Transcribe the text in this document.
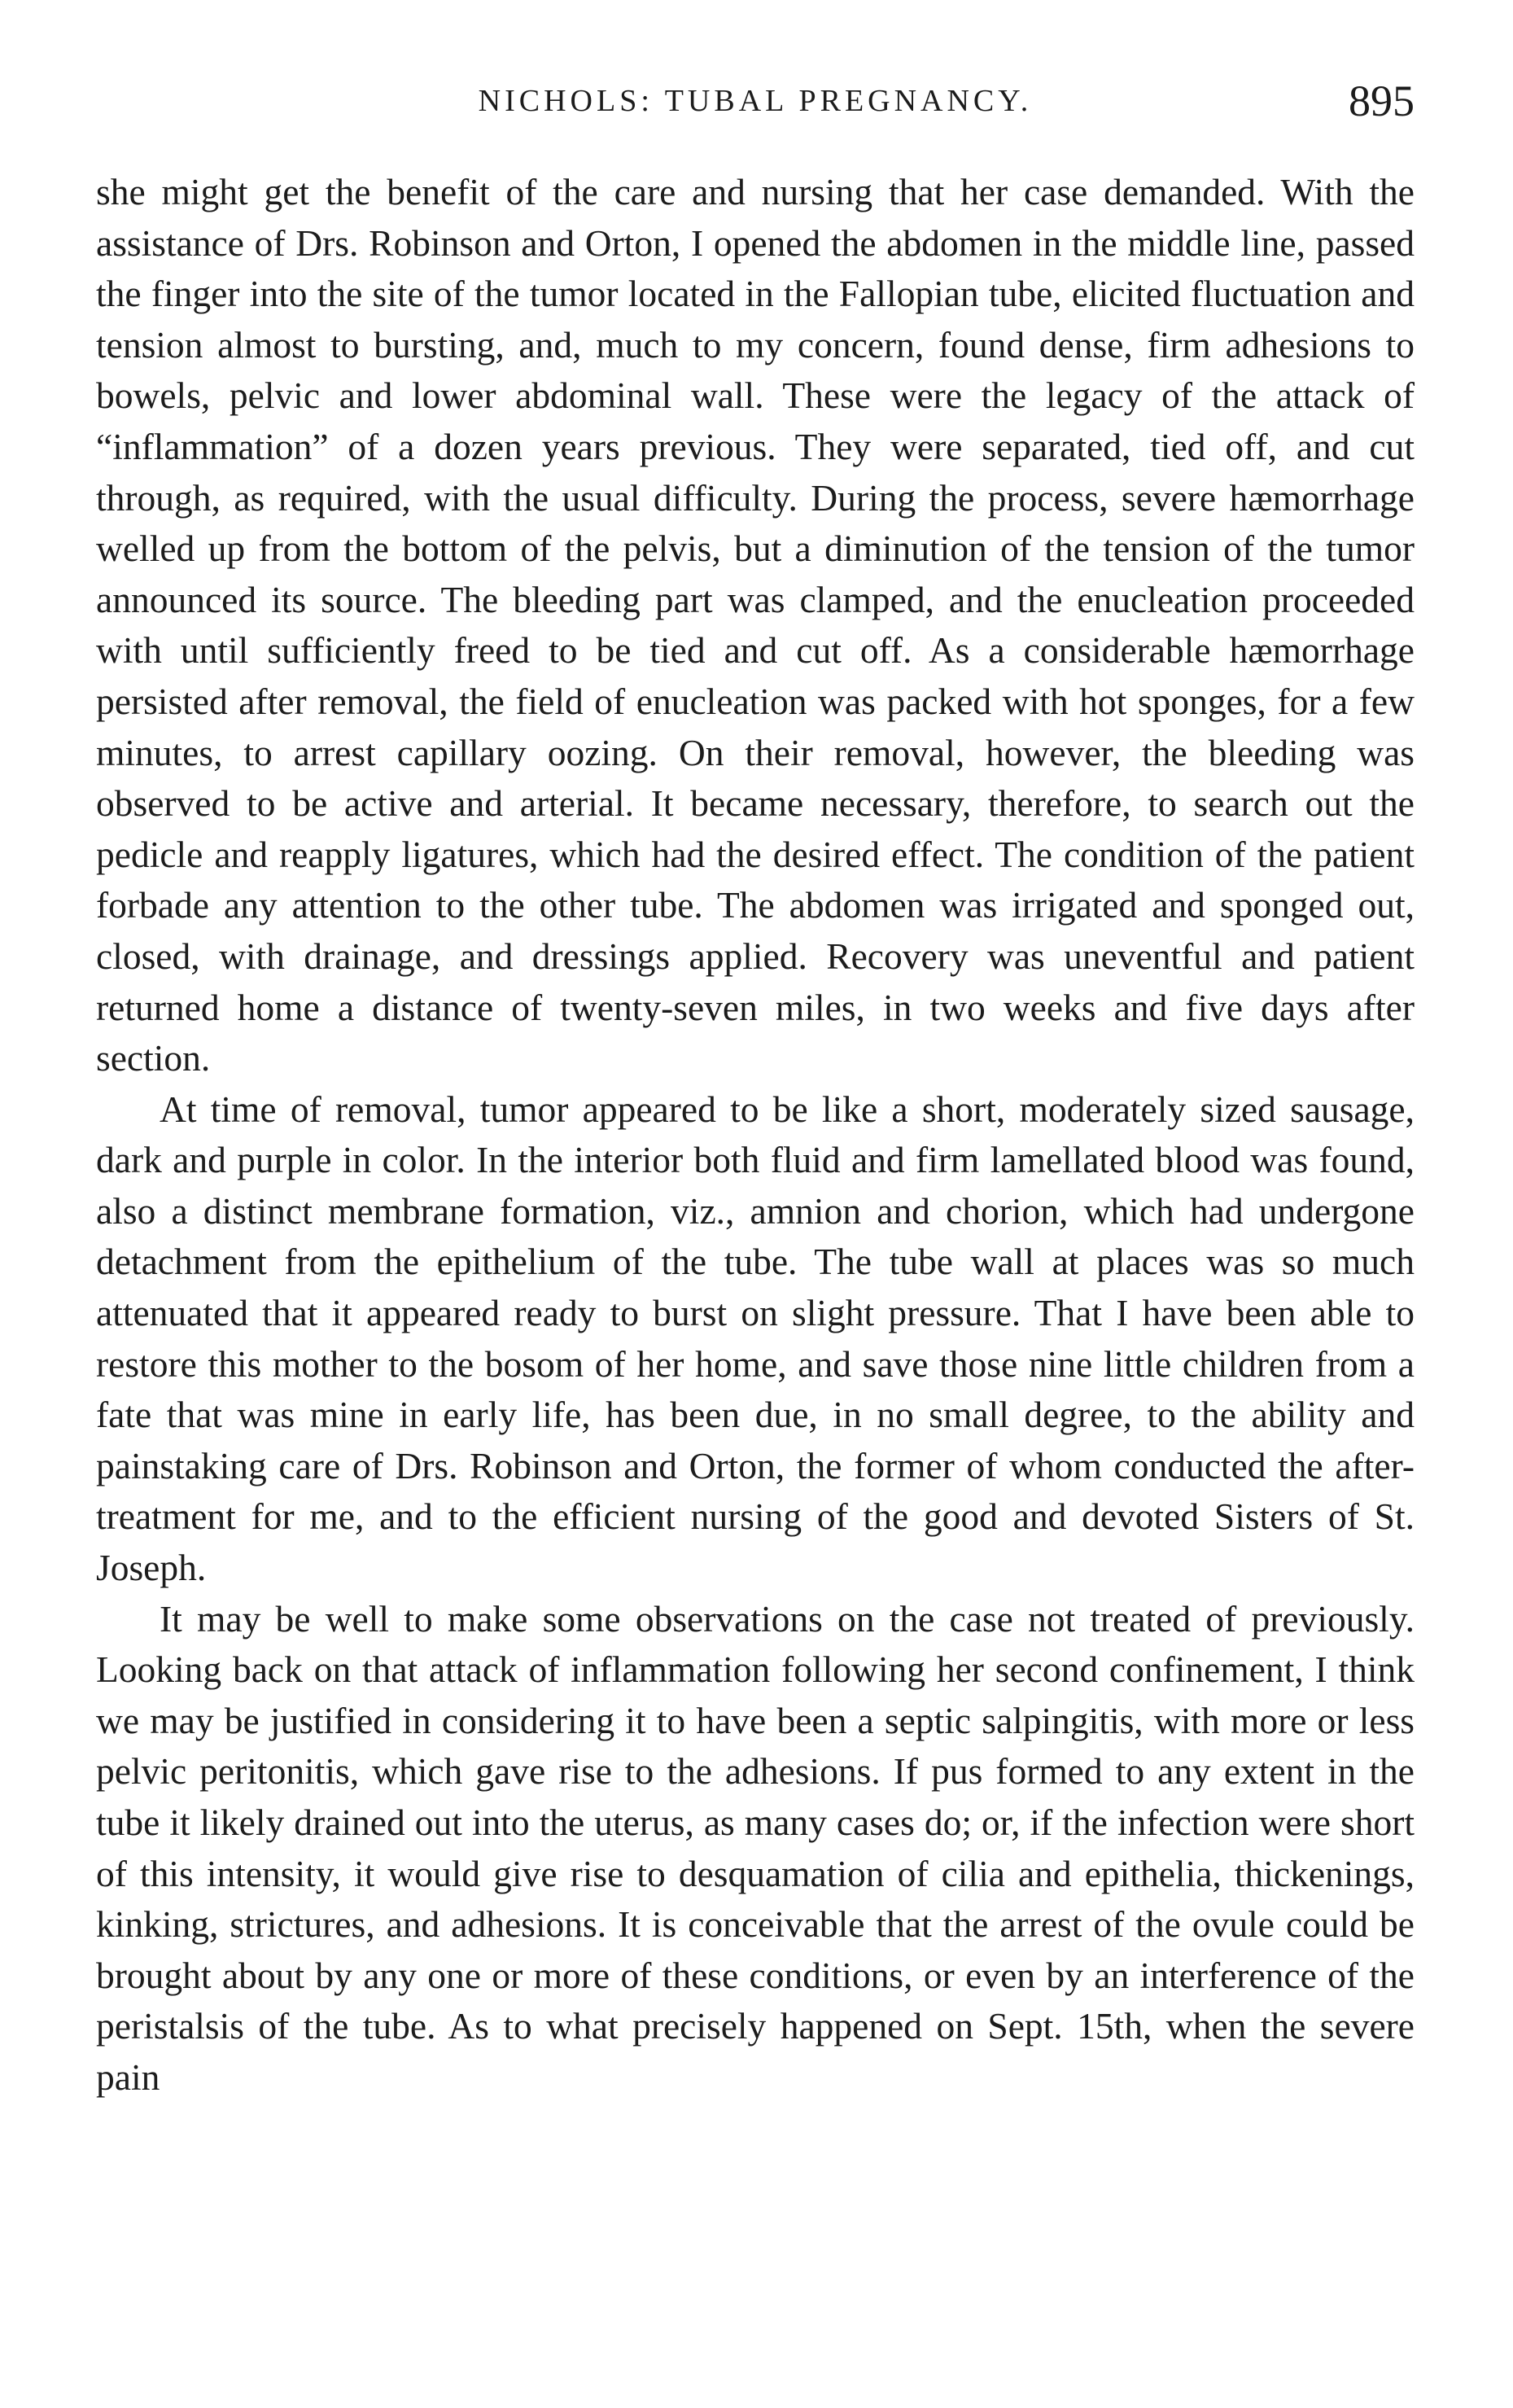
NICHOLS: TUBAL PREGNANCY.	895

she might get the benefit of the care and nursing that her case demanded. With the assistance of Drs. Robinson and Orton, I opened the abdomen in the middle line, passed the finger into the site of the tumor located in the Fallopian tube, elicited fluctuation and tension almost to bursting, and, much to my concern, found dense, firm adhesions to bowels, pelvic and lower abdominal wall. These were the legacy of the attack of “inflammation” of a dozen years previous. They were separated, tied off, and cut through, as required, with the usual difficulty. During the process, severe hæmorrhage welled up from the bottom of the pelvis, but a diminution of the tension of the tumor announced its source. The bleeding part was clamped, and the enucleation proceeded with until sufficiently freed to be tied and cut off. As a considerable hæmorrhage persisted after removal, the field of enucleation was packed with hot sponges, for a few minutes, to arrest capillary oozing. On their removal, however, the bleeding was observed to be active and arterial. It became necessary, therefore, to search out the pedicle and reapply ligatures, which had the desired effect. The condition of the patient forbade any attention to the other tube. The abdomen was irrigated and sponged out, closed, with drainage, and dressings applied. Recovery was uneventful and patient returned home a distance of twenty-seven miles, in two weeks and five days after section.

At time of removal, tumor appeared to be like a short, moderately sized sausage, dark and purple in color. In the interior both fluid and firm lamellated blood was found, also a distinct membrane formation, viz., amnion and chorion, which had undergone detachment from the epithelium of the tube. The tube wall at places was so much attenuated that it appeared ready to burst on slight pressure. That I have been able to restore this mother to the bosom of her home, and save those nine little children from a fate that was mine in early life, has been due, in no small degree, to the ability and painstaking care of Drs. Robinson and Orton, the former of whom conducted the after-treatment for me, and to the efficient nursing of the good and devoted Sisters of St. Joseph.

It may be well to make some observations on the case not treated of previously. Looking back on that attack of inflammation following her second confinement, I think we may be justified in considering it to have been a septic salpingitis, with more or less pelvic peritonitis, which gave rise to the adhesions. If pus formed to any extent in the tube it likely drained out into the uterus, as many cases do; or, if the infection were short of this intensity, it would give rise to desquamation of cilia and epithelia, thickenings, kinking, strictures, and adhesions. It is conceivable that the arrest of the ovule could be brought about by any one or more of these conditions, or even by an interference of the peristalsis of the tube. As to what precisely happened on Sept. 15th, when the severe pain
